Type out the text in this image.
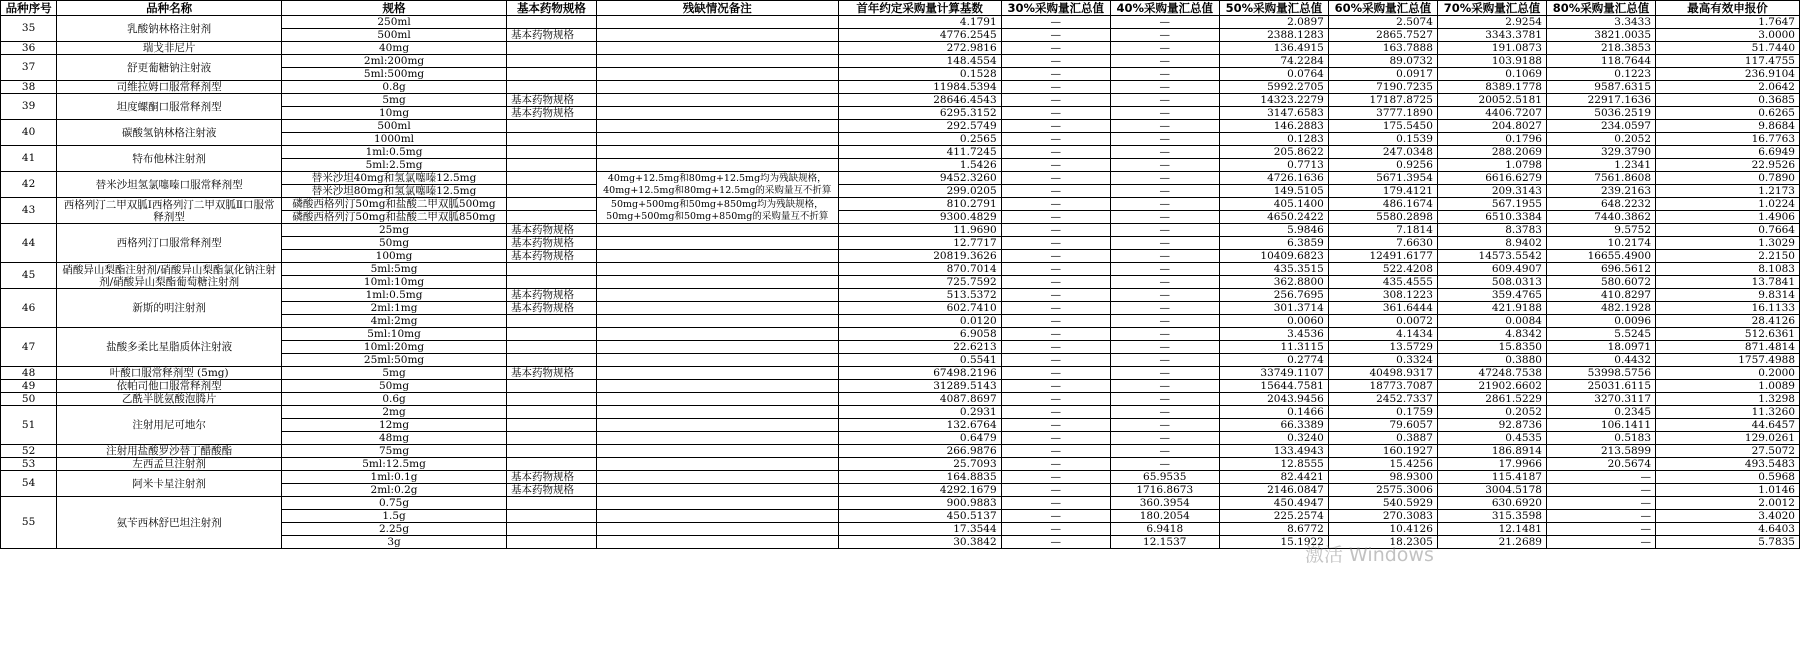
品种序号	品种名称	规格	基本药物规格	残缺情况备注	首年约定采购量计算基数	30%采购量汇总值	40%采购量汇总值	50%采购量汇总值	60%采购量汇总值	70%采购量汇总值	80%采购量汇总值	最高有效申报价
35	乳酸钠林格注射剂	250ml			4.1791	—	—	2.0897	2.5074	2.9254	3.3433	1.7647
		500ml	基本药物规格		4776.2545	—	—	2388.1283	2865.7527	3343.3781	3821.0035	3.0000
36	瑞戈非尼片	40mg			272.9816	—	—	136.4915	163.7888	191.0873	218.3853	51.7440
37	舒更葡糖钠注射液	2ml:200mg			148.4554	—	—	74.2284	89.0732	103.9188	118.7644	117.4755
		5ml:500mg			0.1528	—	—	0.0764	0.0917	0.1069	0.1223	236.9104
38	司维拉姆口服常释剂型	0.8g			11984.5394	—	—	5992.2705	7190.7235	8389.1778	9587.6315	2.0642
39	坦度螺酮口服常释剂型	5mg	基本药物规格		28646.4543	—	—	14323.2279	17187.8725	20052.5181	22917.1636	0.3685
		10mg	基本药物规格		6295.3152	—	—	3147.6583	3777.1890	4406.7207	5036.2519	0.6265
40	碳酸氢钠林格注射液	500ml			292.5749	—	—	146.2883	175.5450	204.8027	234.0597	9.8684
		1000ml			0.2565	—	—	0.1283	0.1539	0.1796	0.2052	16.7763
41	特布他林注射剂	1ml:0.5mg			411.7245	—	—	205.8622	247.0348	288.2069	329.3790	6.6949
		5ml:2.5mg			1.5426	—	—	0.7713	0.9256	1.0798	1.2341	22.9526
42	替米沙坦氢氯噻嗪口服常释剂型	替米沙坦40mg和氢氯噻嗪12.5mg		40mg+12.5mg和80mg+12.5mg均为残缺规格，40mg+12.5mg和80mg+12.5mg的采购量互不折算	9452.3260	—	—	4726.1636	5671.3954	6616.6279	7561.8608	0.7890
		替米沙坦80mg和氢氯噻嗪12.5mg			299.0205	—	—	149.5105	179.4121	209.3143	239.2163	1.2173
43	西格列汀二甲双胍Ⅰ西格列汀二甲双胍Ⅱ口服常释剂型	磷酸西格列汀50mg和盐酸二甲双胍500mg		50mg+500mg和50mg+850mg均为残缺规格，50mg+500mg和50mg+850mg的采购量互不折算	810.2791	—	—	405.1400	486.1674	567.1955	648.2232	1.0224
		磷酸西格列汀50mg和盐酸二甲双胍850mg			9300.4829	—	—	4650.2422	5580.2898	6510.3384	7440.3862	1.4906
44	西格列汀口服常释剂型	25mg	基本药物规格		11.9690	—	—	5.9846	7.1814	8.3783	9.5752	0.7664
		50mg	基本药物规格		12.7717	—	—	6.3859	7.6630	8.9402	10.2174	1.3029
		100mg	基本药物规格		20819.3626	—	—	10409.6823	12491.6177	14573.5542	16655.4900	2.2150
45	硝酸异山梨酯注射剂/硝酸异山梨酯氯化钠注射剂/硝酸异山梨酯葡萄糖注射剂	5ml:5mg			870.7014	—	—	435.3515	522.4208	609.4907	696.5612	8.1083
		10ml:10mg			725.7592	—	—	362.8800	435.4555	508.0313	580.6072	13.7841
46	新斯的明注射剂	1ml:0.5mg	基本药物规格		513.5372	—	—	256.7695	308.1223	359.4765	410.8297	9.8314
		2ml:1mg	基本药物规格		602.7410	—	—	301.3714	361.6444	421.9188	482.1928	16.1133
		4ml:2mg			0.0120	—	—	0.0060	0.0072	0.0084	0.0096	28.4126
47	盐酸多柔比星脂质体注射液	5ml:10mg			6.9058	—	—	3.4536	4.1434	4.8342	5.5245	512.6361
		10ml:20mg			22.6213	—	—	11.3115	13.5729	15.8350	18.0971	871.4814
		25ml:50mg			0.5541	—	—	0.2774	0.3324	0.3880	0.4432	1757.4988
48	叶酸口服常释剂型 (5mg)	5mg	基本药物规格		67498.2196	—	—	33749.1107	40498.9317	47248.7538	53998.5756	0.2000
49	依帕司他口服常释剂型	50mg			31289.5143	—	—	15644.7581	18773.7087	21902.6602	25031.6115	1.0089
50	乙酰半胱氨酸泡腾片	0.6g			4087.8697	—	—	2043.9456	2452.7337	2861.5229	3270.3117	1.3298
51	注射用尼可地尔	2mg			0.2931	—	—	0.1466	0.1759	0.2052	0.2345	11.3260
		12mg			132.6764	—	—	66.3389	79.6057	92.8736	106.1411	44.6457
		48mg			0.6479	—	—	0.3240	0.3887	0.4535	0.5183	129.0261
52	注射用盐酸罗沙替丁醋酸酯	75mg			266.9876	—	—	133.4943	160.1927	186.8914	213.5899	27.5072
53	左西孟旦注射剂	5ml:12.5mg			25.7093	—	—	12.8555	15.4256	17.9966	20.5674	493.5483
54	阿米卡星注射剂	1ml:0.1g	基本药物规格		164.8835	—	65.9535	82.4421	98.9300	115.4187	—	0.5968
		2ml:0.2g	基本药物规格		4292.1679	—	1716.8673	2146.0847	2575.3006	3004.5178	—	1.0146
55	氨苄西林舒巴坦注射剂	0.75g			900.9883	—	360.3954	450.4947	540.5929	630.6920	—	2.0012
		1.5g			450.5137	—	180.2054	225.2574	270.3083	315.3598	—	3.4020
		2.25g			17.3544	—	6.9418	8.6772	10.4126	12.1481	—	4.6403
		3g			30.3842	—	12.1537	15.1922	18.2305	21.2689	—	5.7835
激活 Windows
